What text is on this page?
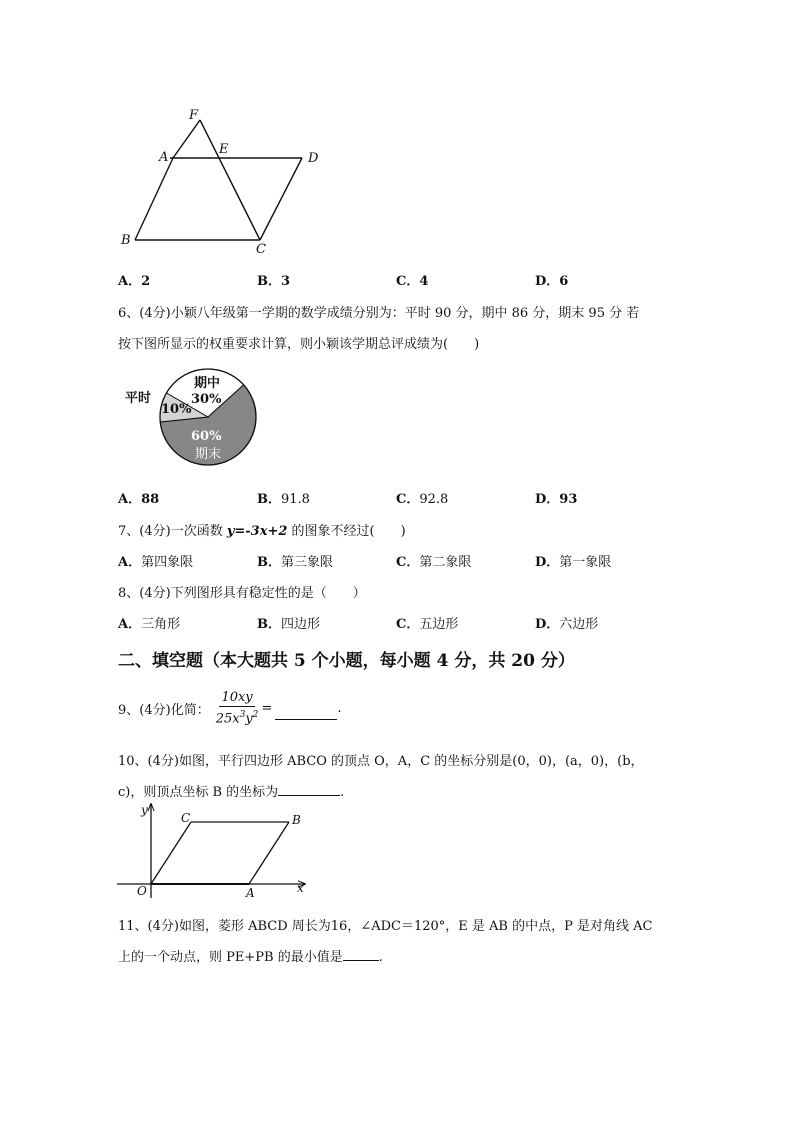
F
A
E
D
B
C
A．2	B．3	C．4	D．6
6、(4分)小颖八年级第一学期的数学成绩分别为：平时 90 分，期中 86 分，期末 95 分 若
按下图所显示的权重要求计算，则小颖该学期总评成绩为(　　)
期中
30%
60%
期末
平时
10%
A．88	B．91.8	C．92.8	D．93
7、(4分)一次函数 y=-3x+2 的图象不经过(　　)
A．第四象限	B．第三象限	C．第二象限	D．第一象限
8、(4分)下列图形具有稳定性的是（　　）
A．三角形	B．四边形	C．五边形	D．六边形
二、填空题（本大题共 5 个小题，每小题 4 分，共 20 分）
9、(4分) 化简： $\frac{10xy}{25x^3y^2}$ =	.
10、(4分)如图，平行四边形 ABCO 的顶点 O，A，C 的坐标分别是(0，0)，(a，0)，(b，
c)，则顶点坐标 B 的坐标为	.
y
x
O	A
C	B
11、(4分)如图，菱形 ABCD 周长为16，∠ADC＝120°，E 是 AB 的中点，P 是对角线 AC
上的一个动点，则 PE+PB 的最小值是	.
